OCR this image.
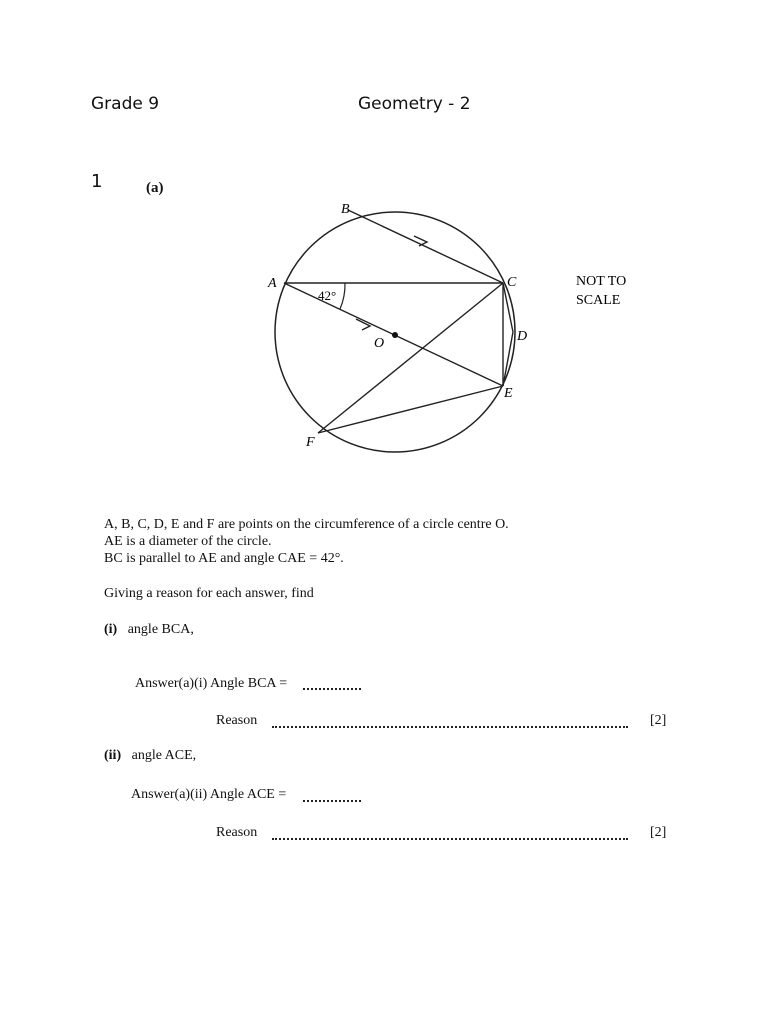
Grade 9	Geometry - 2
1	(a)
42°
B
A	C
D
E
F
O
NOT TO
SCALE
A, B, C, D, E and F are points on the circumference of a circle centre O.
AE is a diameter of the circle.
BC is parallel to AE and angle CAE = 42°.
Giving a reason for each answer, find
(i) angle BCA,
Answer(a)(i) Angle BCA =
Reason	[2]
(ii) angle ACE,
Answer(a)(ii) Angle ACE =
Reason	[2]
